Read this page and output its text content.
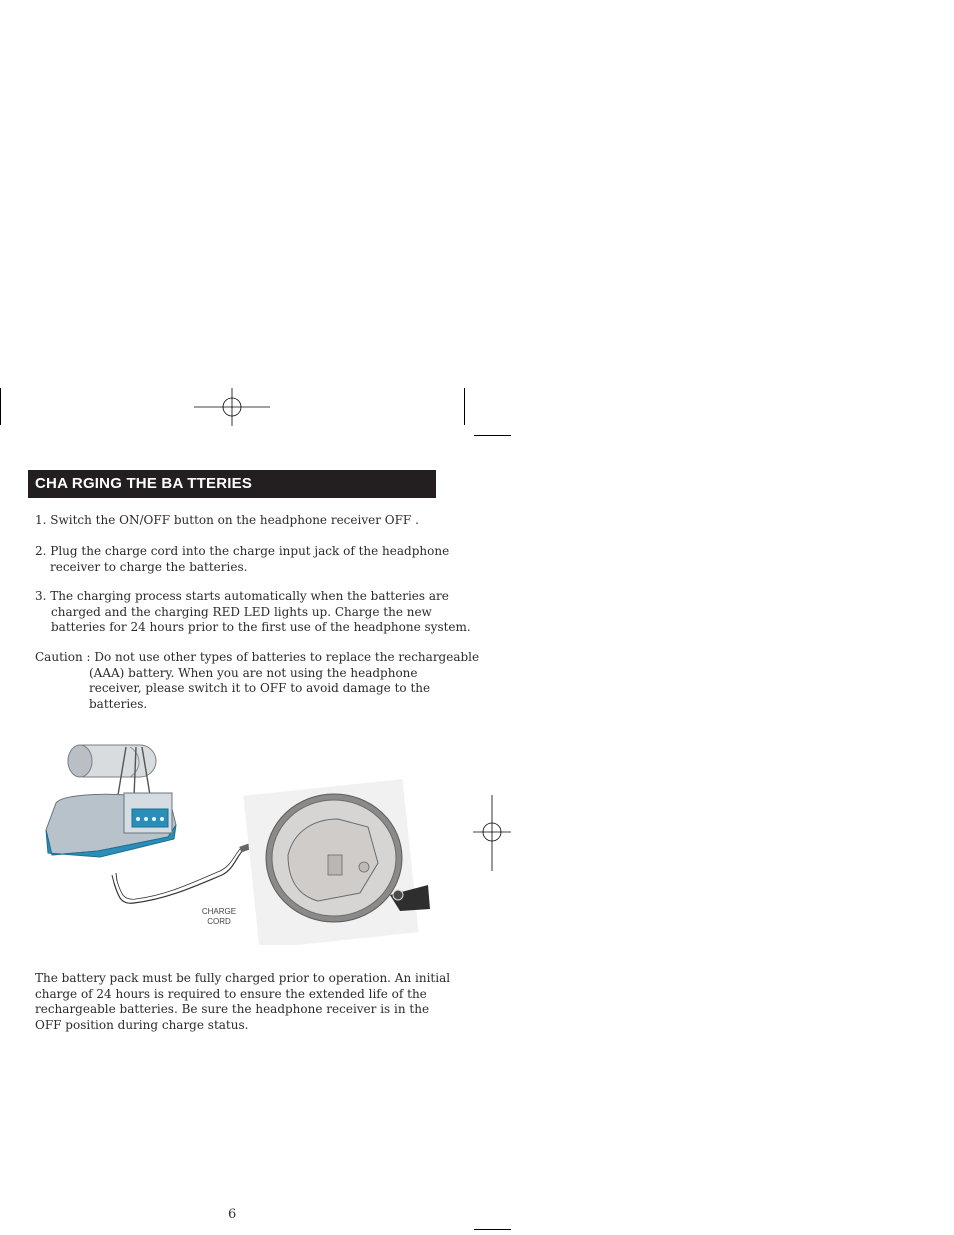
CHA RGING THE BA TTERIES
1. Switch the ON/OFF button on the headphone receiver OFF .
2. Plug the charge cord into the charge input jack of the headphone
receiver to charge the batteries.
3. The charging process starts automatically when the batteries are
charged and the charging RED LED lights up. Charge the new
batteries for 24 hours prior to the first use of the headphone system.
Caution : Do not use other types of batteries to replace the rechargeable
(AAA) battery. When you are not using the headphone
receiver, please switch it to OFF to avoid damage to the
batteries.
CHARGE
CORD
The battery pack must be fully charged prior to operation. An initial
charge of 24 hours is required to ensure the extended life of the
rechargeable batteries. Be sure the headphone receiver is in the
OFF position during charge status.
6
